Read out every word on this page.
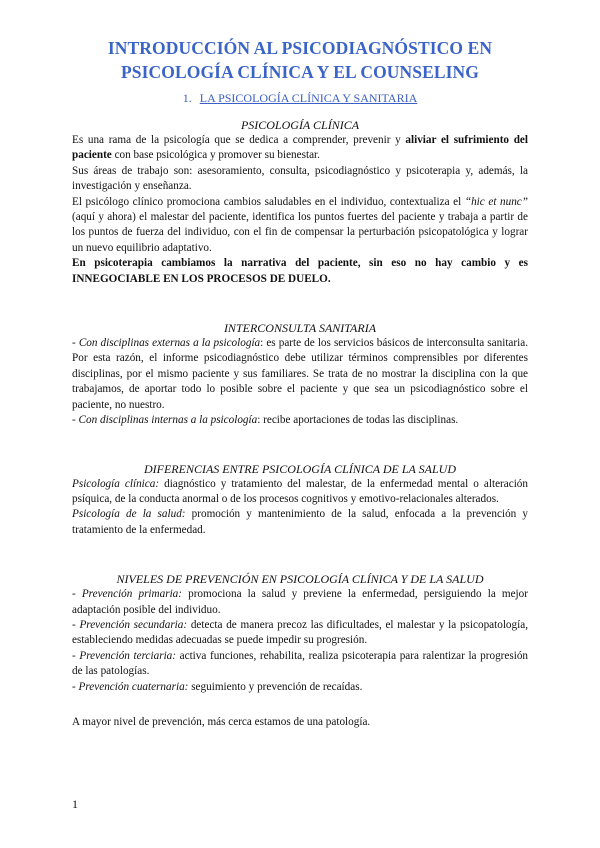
INTRODUCCIÓN AL PSICODIAGNÓSTICO EN
PSICOLOGÍA CLÍNICA Y EL COUNSELING
1. LA PSICOLOGÍA CLÍNICA Y SANITARIA
PSICOLOGÍA CLÍNICA

Es una rama de la psicología que se dedica a comprender, prevenir y aliviar el sufrimiento del paciente con base psicológica y promover su bienestar.

Sus áreas de trabajo son: asesoramiento, consulta, psicodiagnóstico y psicoterapia y, además, la investigación y enseñanza.

El psicólogo clínico promociona cambios saludables en el individuo, contextualiza el “hic et nunc” (aquí y ahora) el malestar del paciente, identifica los puntos fuertes del paciente y trabaja a partir de los puntos de fuerza del individuo, con el fin de compensar la perturbación psicopatológica y lograr un nuevo equilibrio adaptativo.

En psicoterapia cambiamos la narrativa del paciente, sin eso no hay cambio y es INNEGOCIABLE EN LOS PROCESOS DE DUELO.

INTERCONSULTA SANITARIA

- Con disciplinas externas a la psicología: es parte de los servicios básicos de interconsulta sanitaria. Por esta razón, el informe psicodiagnóstico debe utilizar términos comprensibles por diferentes disciplinas, por el mismo paciente y sus familiares. Se trata de no mostrar la disciplina con la que trabajamos, de aportar todo lo posible sobre el paciente y que sea un psicodiagnóstico sobre el paciente, no nuestro.

- Con disciplinas internas a la psicología: recibe aportaciones de todas las disciplinas.

DIFERENCIAS ENTRE PSICOLOGÍA CLÍNICA DE LA SALUD

Psicología clínica: diagnóstico y tratamiento del malestar, de la enfermedad mental o alteración psíquica, de la conducta anormal o de los procesos cognitivos y emotivo-relacionales alterados.

Psicología de la salud: promoción y mantenimiento de la salud, enfocada a la prevención y tratamiento de la enfermedad.

NIVELES DE PREVENCIÓN EN PSICOLOGÍA CLÍNICA Y DE LA SALUD

- Prevención primaria: promociona la salud y previene la enfermedad, persiguiendo la mejor adaptación posible del individuo.

- Prevención secundaria: detecta de manera precoz las dificultades, el malestar y la psicopatología, estableciendo medidas adecuadas se puede impedir su progresión.

- Prevención terciaria: activa funciones, rehabilita, realiza psicoterapia para ralentizar la progresión de las patologías.

- Prevención cuaternaria: seguimiento y prevención de recaídas.

A mayor nivel de prevención, más cerca estamos de una patología.

1
